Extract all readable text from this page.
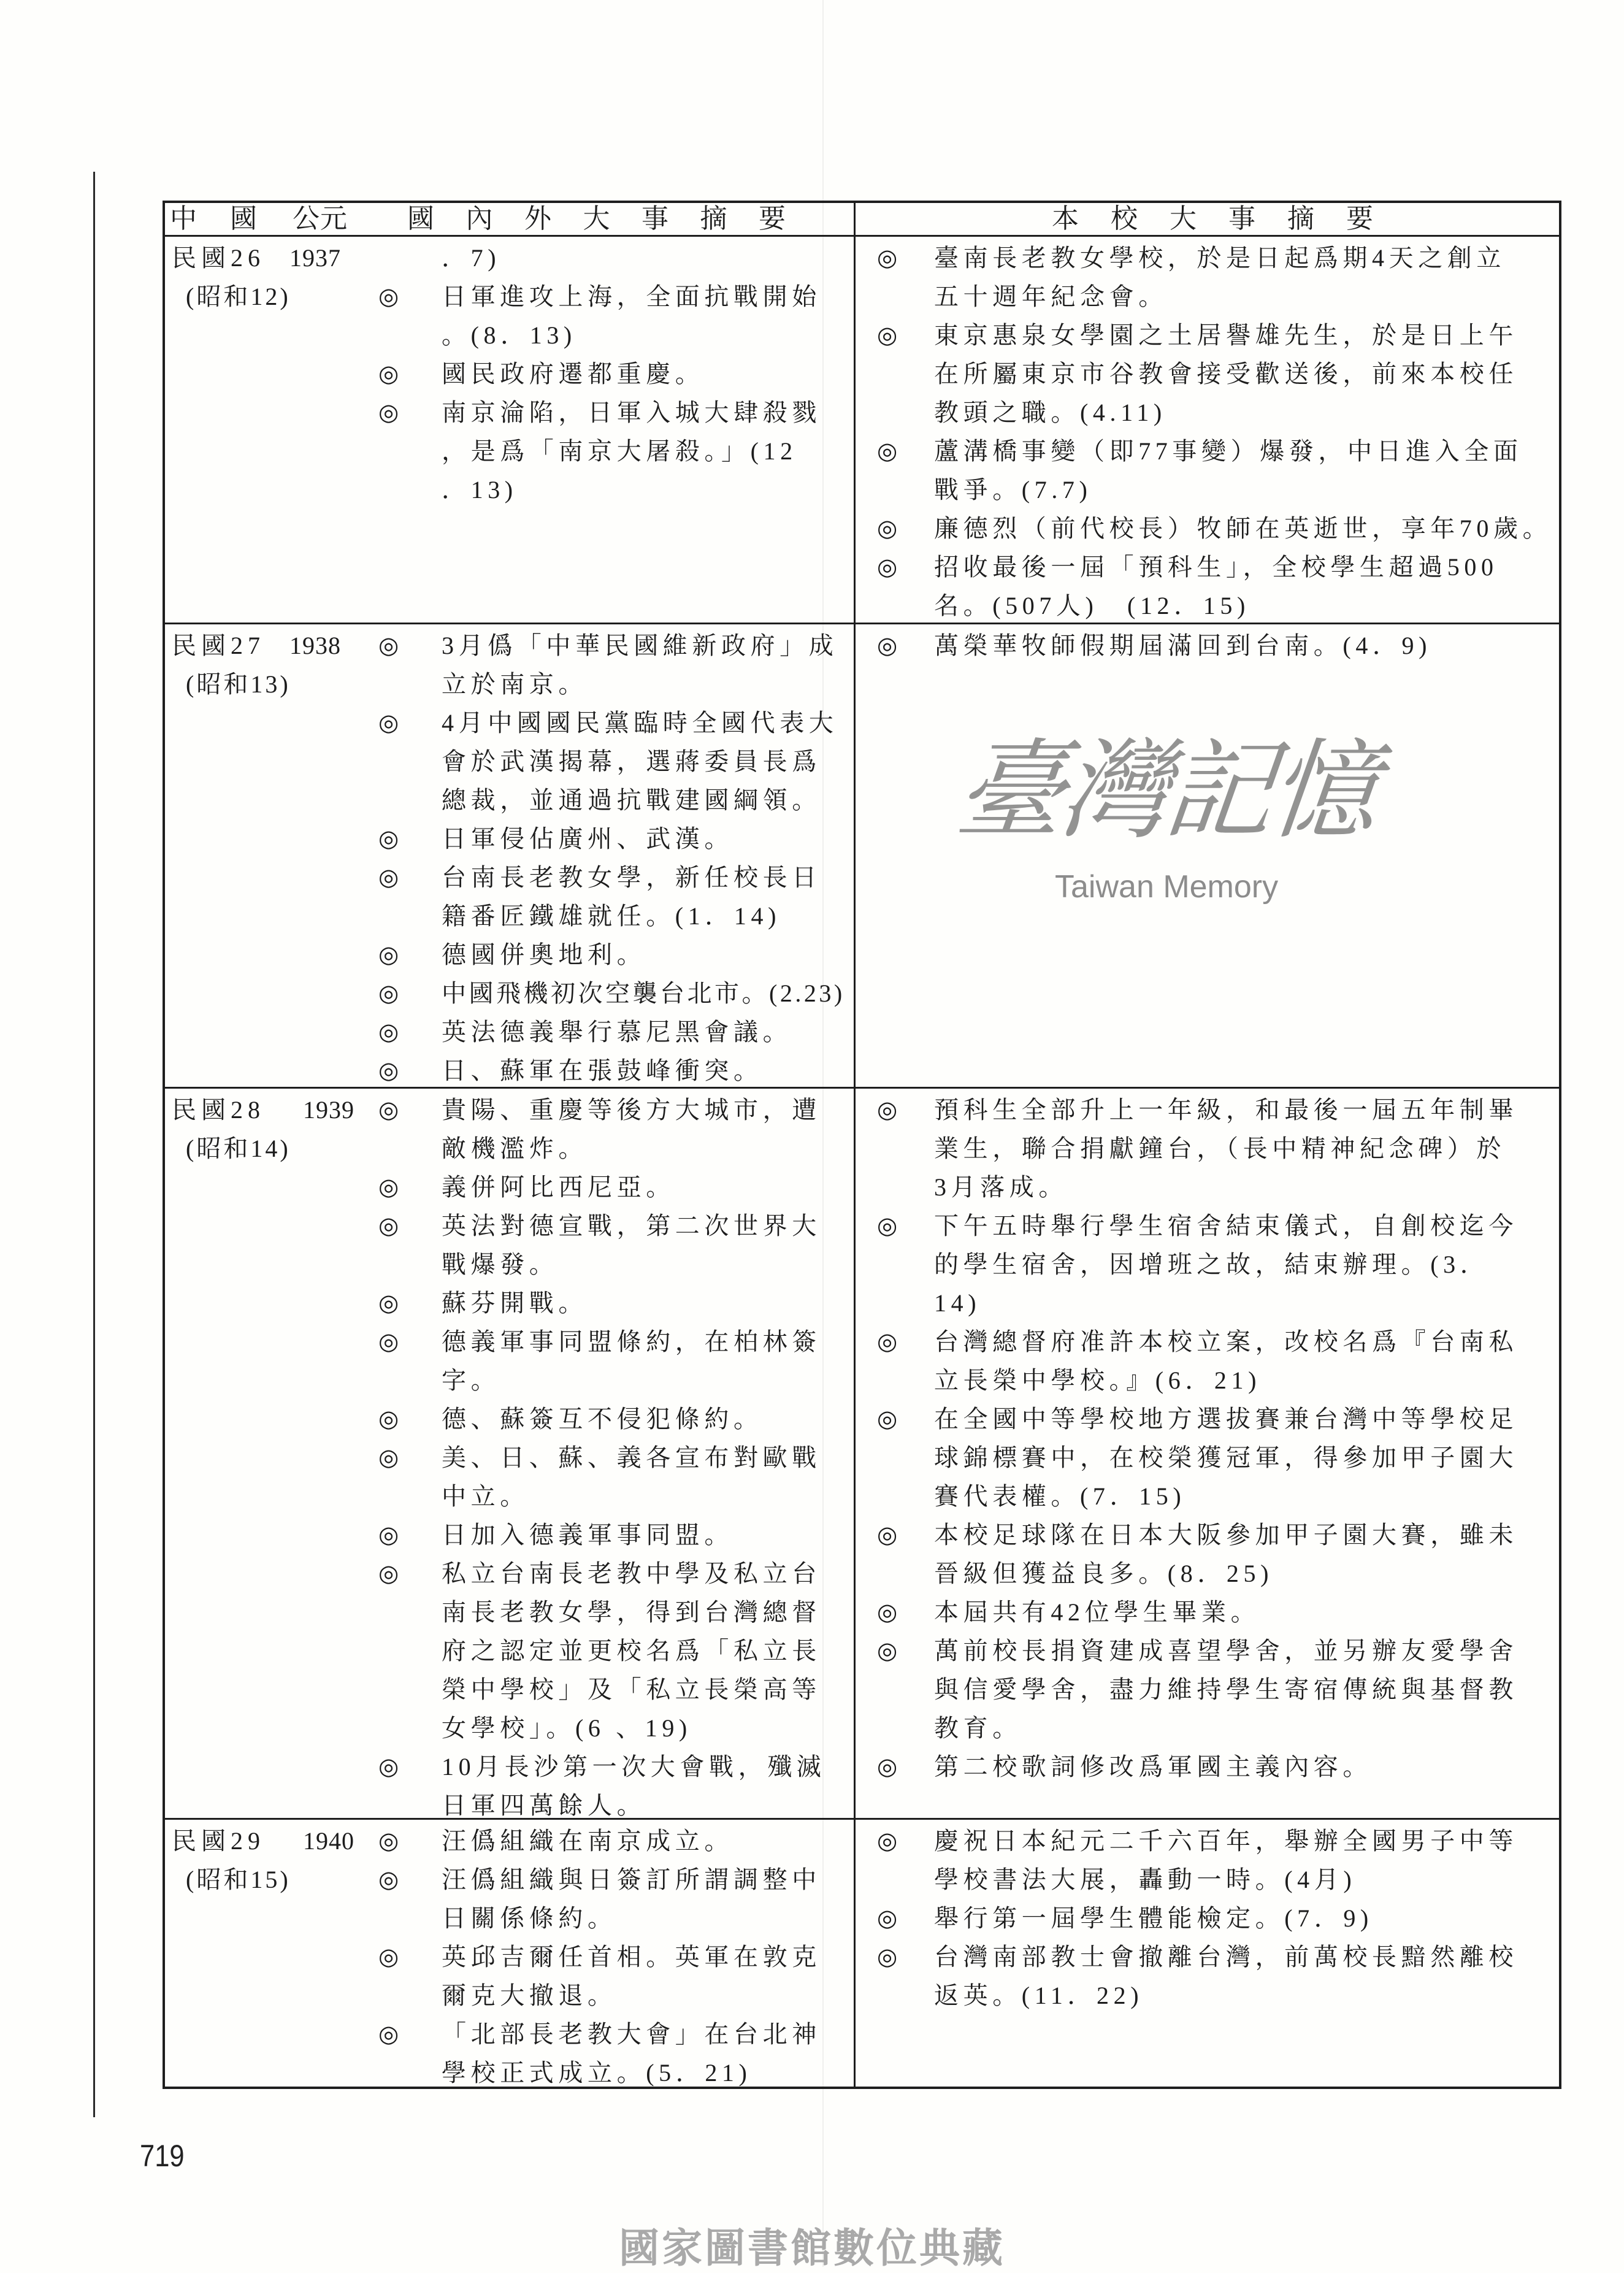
中國 公元 國內外大事摘要	本校大事摘要
民國26 1937
(昭和12)
．7)
◎ 日軍進攻上海，全面抗戰開始
。(8．13)
◎ 國民政府遷都重慶。
◎ 南京淪陷，日軍入城大肆殺戮
，是爲「南京大屠殺。」(12
．13)
◎ 臺南長老教女學校，於是日起爲期4天之創立
五十週年紀念會。
◎ 東京惠泉女學園之土居譽雄先生，於是日上午
在所屬東京市谷教會接受歡送後，前來本校任
教頭之職。(4.11)
◎ 蘆溝橋事變（即77事變）爆發，中日進入全面
戰爭。(7.7)
◎ 廉德烈（前代校長）牧師在英逝世，享年70歲。
◎ 招收最後一屆「預科生」，全校學生超過500
名。(507人)　(12．15)
民國27 1938
(昭和13)
◎ 3月僞「中華民國維新政府」成
立於南京。
◎ 4月中國國民黨臨時全國代表大
會於武漢揭幕，選蔣委員長爲
總裁，並通過抗戰建國綱領。
◎ 日軍侵佔廣州、武漢。
◎ 台南長老教女學，新任校長日
籍番匠鐵雄就任。(1．14)
◎ 德國併奧地利。
◎ 中國飛機初次空襲台北市。(2.23)
◎ 英法德義舉行慕尼黑會議。
◎ 日、蘇軍在張鼓峰衝突。
◎ 萬榮華牧師假期屆滿回到台南。(4．9)
民國28 1939
(昭和14)
◎ 貴陽、重慶等後方大城市，遭
敵機濫炸。
◎ 義併阿比西尼亞。
◎ 英法對德宣戰，第二次世界大
戰爆發。
◎ 蘇芬開戰。
◎ 德義軍事同盟條約，在柏林簽
字。
◎ 德、蘇簽互不侵犯條約。
◎ 美、日、蘇、義各宣布對歐戰
中立。
◎ 日加入德義軍事同盟。
◎ 私立台南長老教中學及私立台
南長老教女學，得到台灣總督
府之認定並更校名爲「私立長
榮中學校」及「私立長榮高等
女學校」。(6 、19)
◎ 10月長沙第一次大會戰，殲滅
日軍四萬餘人。
◎ 預科生全部升上一年級，和最後一屆五年制畢
業生，聯合捐獻鐘台，（長中精神紀念碑）於
3月落成。
◎ 下午五時舉行學生宿舍結束儀式，自創校迄今
的學生宿舍，因增班之故，結束辦理。(3．
14)
◎ 台灣總督府准許本校立案，改校名爲『台南私
立長榮中學校。』(6．21)
◎ 在全國中等學校地方選拔賽兼台灣中等學校足
球錦標賽中，在校榮獲冠軍，得參加甲子園大
賽代表權。(7．15)
◎ 本校足球隊在日本大阪參加甲子園大賽，雖未
晉級但獲益良多。(8．25)
◎ 本屆共有42位學生畢業。
◎ 萬前校長捐資建成喜望學舍，並另辦友愛學舍
與信愛學舍，盡力維持學生寄宿傳統與基督教
教育。
◎ 第二校歌詞修改爲軍國主義內容。
民國29 1940
(昭和15)
◎ 汪僞組織在南京成立。
◎ 汪僞組織與日簽訂所謂調整中
日關係條約。
◎ 英邱吉爾任首相。英軍在敦克
爾克大撤退。
◎ 「北部長老教大會」在台北神
學校正式成立。(5．21)
◎ 慶祝日本紀元二千六百年，舉辦全國男子中等
學校書法大展，轟動一時。(4月)
◎ 舉行第一屆學生體能檢定。(7．9)
◎ 台灣南部教士會撤離台灣，前萬校長黯然離校
返英。(11．22)
臺灣記憶
Taiwan Memory
719
國家圖書館數位典藏
